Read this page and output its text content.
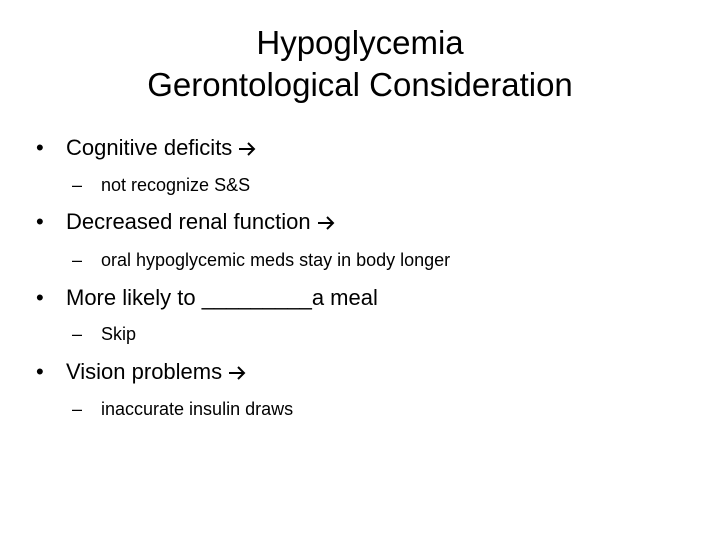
Hypoglycemia
Gerontological Consideration
• Cognitive deficits
– not recognize S&S
• Decreased renal function
– oral hypoglycemic meds stay in body longer
• More likely to _________a meal
– Skip
• Vision problems
– inaccurate insulin draws
